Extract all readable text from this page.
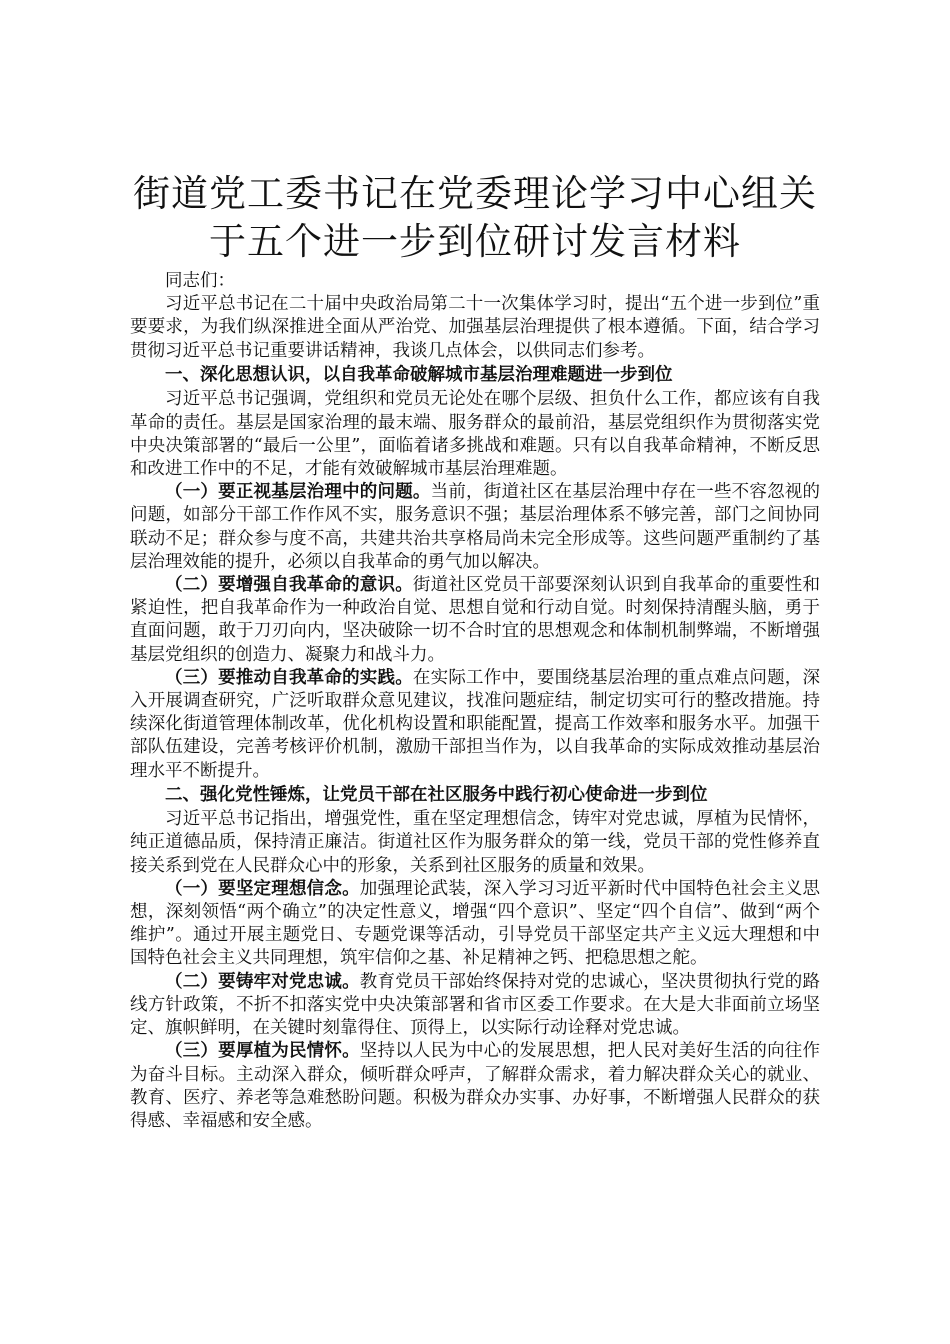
街道党工委书记在党委理论学习中心组关于五个进一步到位研讨发言材料

同志们：

习近平总书记在二十届中央政治局第二十一次集体学习时，提出“五个进一步到位”重要要求，为我们纵深推进全面从严治党、加强基层治理提供了根本遵循。下面，结合学习贯彻习近平总书记重要讲话精神，我谈几点体会，以供同志们参考。

一、深化思想认识，以自我革命破解城市基层治理难题进一步到位

习近平总书记强调，党组织和党员无论处在哪个层级、担负什么工作，都应该有自我革命的责任。基层是国家治理的最末端、服务群众的最前沿，基层党组织作为贯彻落实党中央决策部署的“最后一公里”，面临着诸多挑战和难题。只有以自我革命精神，不断反思和改进工作中的不足，才能有效破解城市基层治理难题。

（一）要正视基层治理中的问题。当前，街道社区在基层治理中存在一些不容忽视的问题，如部分干部工作作风不实，服务意识不强；基层治理体系不够完善，部门之间协同联动不足；群众参与度不高，共建共治共享格局尚未完全形成等。这些问题严重制约了基层治理效能的提升，必须以自我革命的勇气加以解决。

（二）要增强自我革命的意识。街道社区党员干部要深刻认识到自我革命的重要性和紧迫性，把自我革命作为一种政治自觉、思想自觉和行动自觉。时刻保持清醒头脑，勇于直面问题，敢于刀刃向内，坚决破除一切不合时宜的思想观念和体制机制弊端，不断增强基层党组织的创造力、凝聚力和战斗力。

（三）要推动自我革命的实践。在实际工作中，要围绕基层治理的重点难点问题，深入开展调查研究，广泛听取群众意见建议，找准问题症结，制定切实可行的整改措施。持续深化街道管理体制改革，优化机构设置和职能配置，提高工作效率和服务水平。加强干部队伍建设，完善考核评价机制，激励干部担当作为，以自我革命的实际成效推动基层治理水平不断提升。

二、强化党性锤炼，让党员干部在社区服务中践行初心使命进一步到位

习近平总书记指出，增强党性，重在坚定理想信念，铸牢对党忠诚，厚植为民情怀，纯正道德品质，保持清正廉洁。街道社区作为服务群众的第一线，党员干部的党性修养直接关系到党在人民群众心中的形象，关系到社区服务的质量和效果。

（一）要坚定理想信念。加强理论武装，深入学习习近平新时代中国特色社会主义思想，深刻领悟“两个确立”的决定性意义，增强“四个意识”、坚定“四个自信”、做到“两个维护”。通过开展主题党日、专题党课等活动，引导党员干部坚定共产主义远大理想和中国特色社会主义共同理想，筑牢信仰之基、补足精神之钙、把稳思想之舵。

（二）要铸牢对党忠诚。教育党员干部始终保持对党的忠诚心，坚决贯彻执行党的路线方针政策，不折不扣落实党中央决策部署和省市区委工作要求。在大是大非面前立场坚定、旗帜鲜明，在关键时刻靠得住、顶得上，以实际行动诠释对党忠诚。

（三）要厚植为民情怀。坚持以人民为中心的发展思想，把人民对美好生活的向往作为奋斗目标。主动深入群众，倾听群众呼声，了解群众需求，着力解决群众关心的就业、教育、医疗、养老等急难愁盼问题。积极为群众办实事、办好事，不断增强人民群众的获得感、幸福感和安全感。
